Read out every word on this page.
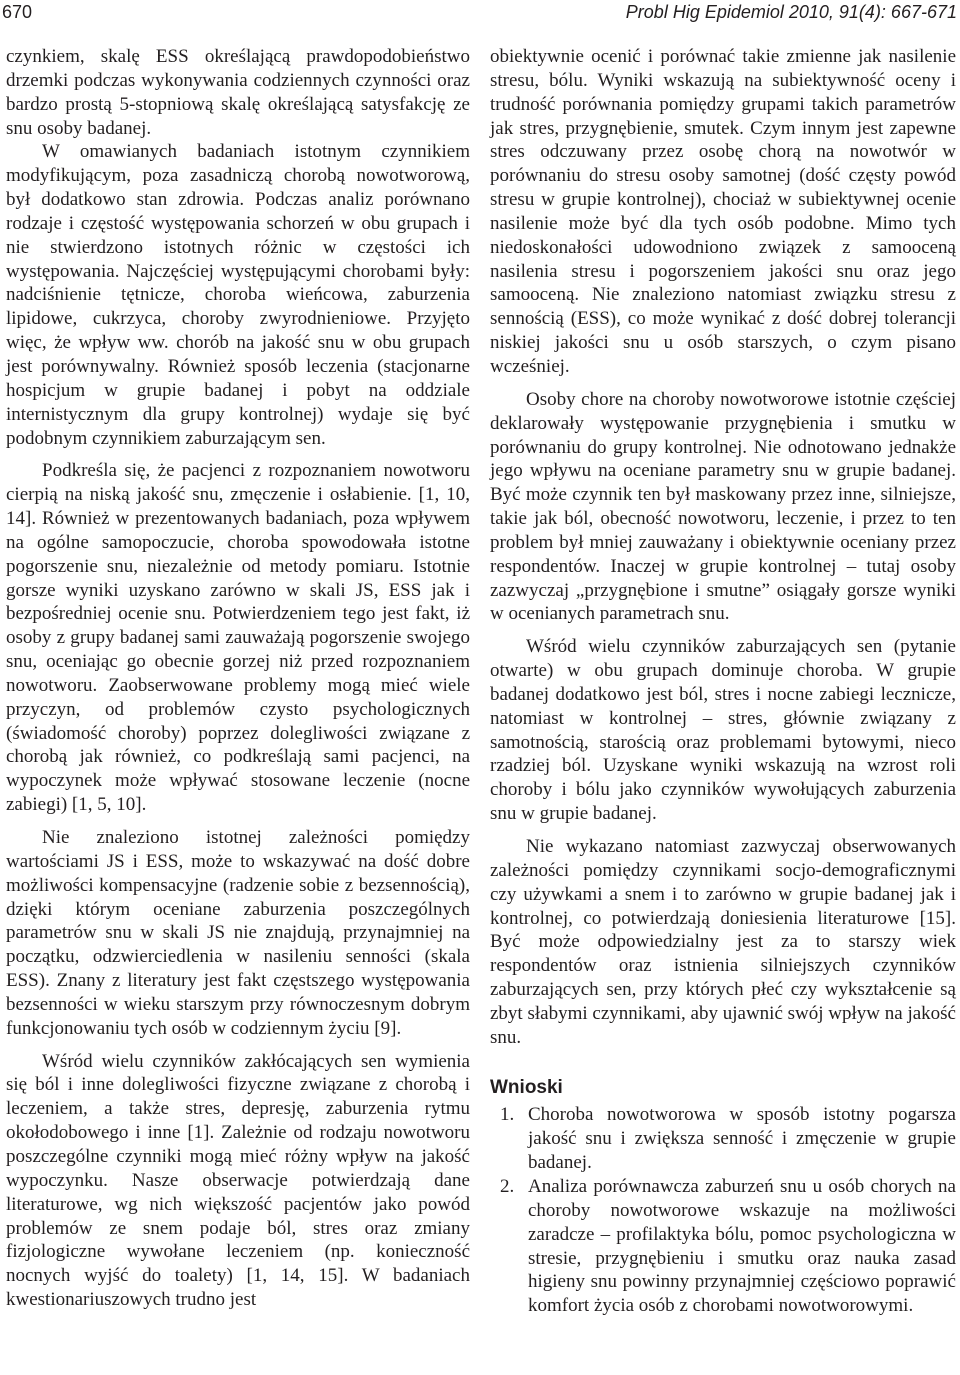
670	Probl Hig Epidemiol 2010, 91(4): 667-671

czynkiem, skalę ESS określającą prawdopodobieństwo drzemki podczas wykonywania codziennych czynności oraz bardzo prostą 5-stopniową skalę określającą satysfakcję ze snu osoby badanej.

W omawianych badaniach istotnym czynnikiem modyfikującym, poza zasadniczą chorobą nowotworową, był dodatkowo stan zdrowia. Podczas analiz porównano rodzaje i częstość występowania schorzeń w obu grupach i nie stwierdzono istotnych różnic w częstości ich występowania. Najczęściej występującymi chorobami były: nadciśnienie tętnicze, choroba wieńcowa, zaburzenia lipidowe, cukrzyca, choroby zwyrodnieniowe. Przyjęto więc, że wpływ ww. chorób na jakość snu w obu grupach jest porównywalny. Również sposób leczenia (stacjonarne hospicjum w grupie badanej i pobyt na oddziale internistycznym dla grupy kontrolnej) wydaje się być podobnym czynnikiem zaburzającym sen.

Podkreśla się, że pacjenci z rozpoznaniem nowotworu cierpią na niską jakość snu, zmęczenie i osłabienie. [1, 10, 14]. Również w prezentowanych badaniach, poza wpływem na ogólne samopoczucie, choroba spowodowała istotne pogorszenie snu, niezależnie od metody pomiaru. Istotnie gorsze wyniki uzyskano zarówno w skali JS, ESS jak i bezpośredniej ocenie snu. Potwierdzeniem tego jest fakt, iż osoby z grupy badanej sami zauważają pogorszenie swojego snu, oceniając go obecnie gorzej niż przed rozpoznaniem nowotworu. Zaobserwowane problemy mogą mieć wiele przyczyn, od problemów czysto psychologicznych (świadomość choroby) poprzez dolegliwości związane z chorobą jak również, co podkreślają sami pacjenci, na wypoczynek może wpływać stosowane leczenie (nocne zabiegi) [1, 5, 10].

Nie znaleziono istotnej zależności pomiędzy wartościami JS i ESS, może to wskazywać na dość dobre możliwości kompensacyjne (radzenie sobie z bezsennością), dzięki którym oceniane zaburzenia poszczególnych parametrów snu w skali JS nie znajdują, przynajmniej na początku, odzwierciedlenia w nasileniu senności (skala ESS). Znany z literatury jest fakt częstszego występowania bezsenności w wieku starszym przy równoczesnym dobrym funkcjonowaniu tych osób w codziennym życiu [9].

Wśród wielu czynników zakłócających sen wymienia się ból i inne dolegliwości fizyczne związane z chorobą i leczeniem, a także stres, depresję, zaburzenia rytmu okołodobowego i inne [1]. Zależnie od rodzaju nowotworu poszczególne czynniki mogą mieć różny wpływ na jakość wypoczynku. Nasze obserwacje potwierdzają dane literaturowe, wg nich większość pacjentów jako powód problemów ze snem podaje ból, stres oraz zmiany fizjologiczne wywołane leczeniem (np. konieczność nocnych wyjść do toalety) [1, 14, 15]. W badaniach kwestionariuszowych trudno jest

obiektywnie ocenić i porównać takie zmienne jak nasilenie stresu, bólu. Wyniki wskazują na subiektywność oceny i trudność porównania pomiędzy grupami takich parametrów jak stres, przygnębienie, smutek. Czym innym jest zapewne stres odczuwany przez osobę chorą na nowotwór w porównaniu do stresu osoby samotnej (dość częsty powód stresu w grupie kontrolnej), chociaż w subiektywnej ocenie nasilenie może być dla tych osób podobne. Mimo tych niedoskonałości udowodniono związek z samooceną nasilenia stresu i pogorszeniem jakości snu oraz jego samooceną. Nie znaleziono natomiast związku stresu z sennością (ESS), co może wynikać z dość dobrej tolerancji niskiej jakości snu u osób starszych, o czym pisano wcześniej.

Osoby chore na choroby nowotworowe istotnie częściej deklarowały występowanie przygnębienia i smutku w porównaniu do grupy kontrolnej. Nie odnotowano jednakże jego wpływu na oceniane parametry snu w grupie badanej. Być może czynnik ten był maskowany przez inne, silniejsze, takie jak ból, obecność nowotworu, leczenie, i przez to ten problem był mniej zauważany i obiektywnie oceniany przez respondentów. Inaczej w grupie kontrolnej – tutaj osoby zazwyczaj „przygnębione i smutne” osiągały gorsze wyniki w ocenianych parametrach snu.

Wśród wielu czynników zaburzających sen (pytanie otwarte) w obu grupach dominuje choroba. W grupie badanej dodatkowo jest ból, stres i nocne zabiegi lecznicze, natomiast w kontrolnej – stres, głównie związany z samotnością, starością oraz problemami bytowymi, nieco rzadziej ból. Uzyskane wyniki wskazują na wzrost roli choroby i bólu jako czynników wywołujących zaburzenia snu w grupie badanej.

Nie wykazano natomiast zazwyczaj obserwowanych zależności pomiędzy czynnikami socjo-demograficznymi czy używkami a snem i to zarówno w grupie badanej jak i kontrolnej, co potwierdzają doniesienia literaturowe [15]. Być może odpowiedzialny jest za to starszy wiek respondentów oraz istnienia silniejszych czynników zaburzających sen, przy których płeć czy wykształcenie są zbyt słabymi czynnikami, aby ujawnić swój wpływ na jakość snu.

Wnioski
1. Choroba nowotworowa w sposób istotny pogarsza jakość snu i zwiększa senność i zmęczenie w grupie badanej.
2. Analiza porównawcza zaburzeń snu u osób chorych na choroby nowotworowe wskazuje na możliwości zaradcze – profilaktyka bólu, pomoc psychologiczna w stresie, przygnębieniu i smutku oraz nauka zasad higieny snu powinny przynajmniej częściowo poprawić komfort życia osób z chorobami nowotworowymi.
